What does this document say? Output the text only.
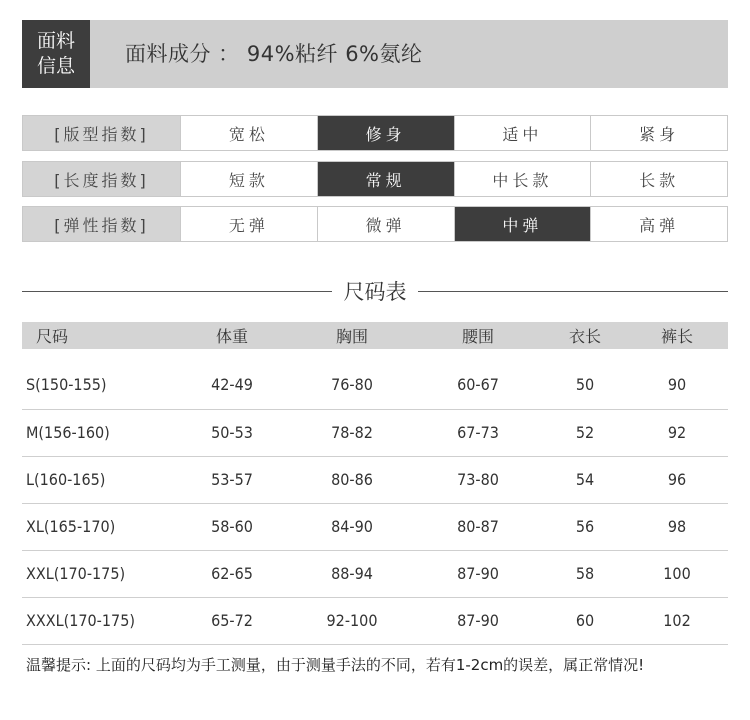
面料
信息 面料成分 ： 94%粘纤 6%氨纶
[版型指数]	宽松	修身	适中	紧身
[长度指数]	短款	常规	中长款	长款
[弹性指数]	无弹	微弹	中弹	高弹
尺码表
尺码	体重	胸围	腰围	衣长	裤长
S(150-155)	42-49	76-80	60-67	50	90
M(156-160)	50-53	78-82	67-73	52	92
L(160-165)	53-57	80-86	73-80	54	96
XL(165-170)	58-60	84-90	80-87	56	98
XXL(170-175)	62-65	88-94	87-90	58	100
XXXL(170-175)	65-72	92-100	87-90	60	102
温馨提示: 上面的尺码均为手工测量，由于测量手法的不同，若有1-2cm的误差，属正常情况!
